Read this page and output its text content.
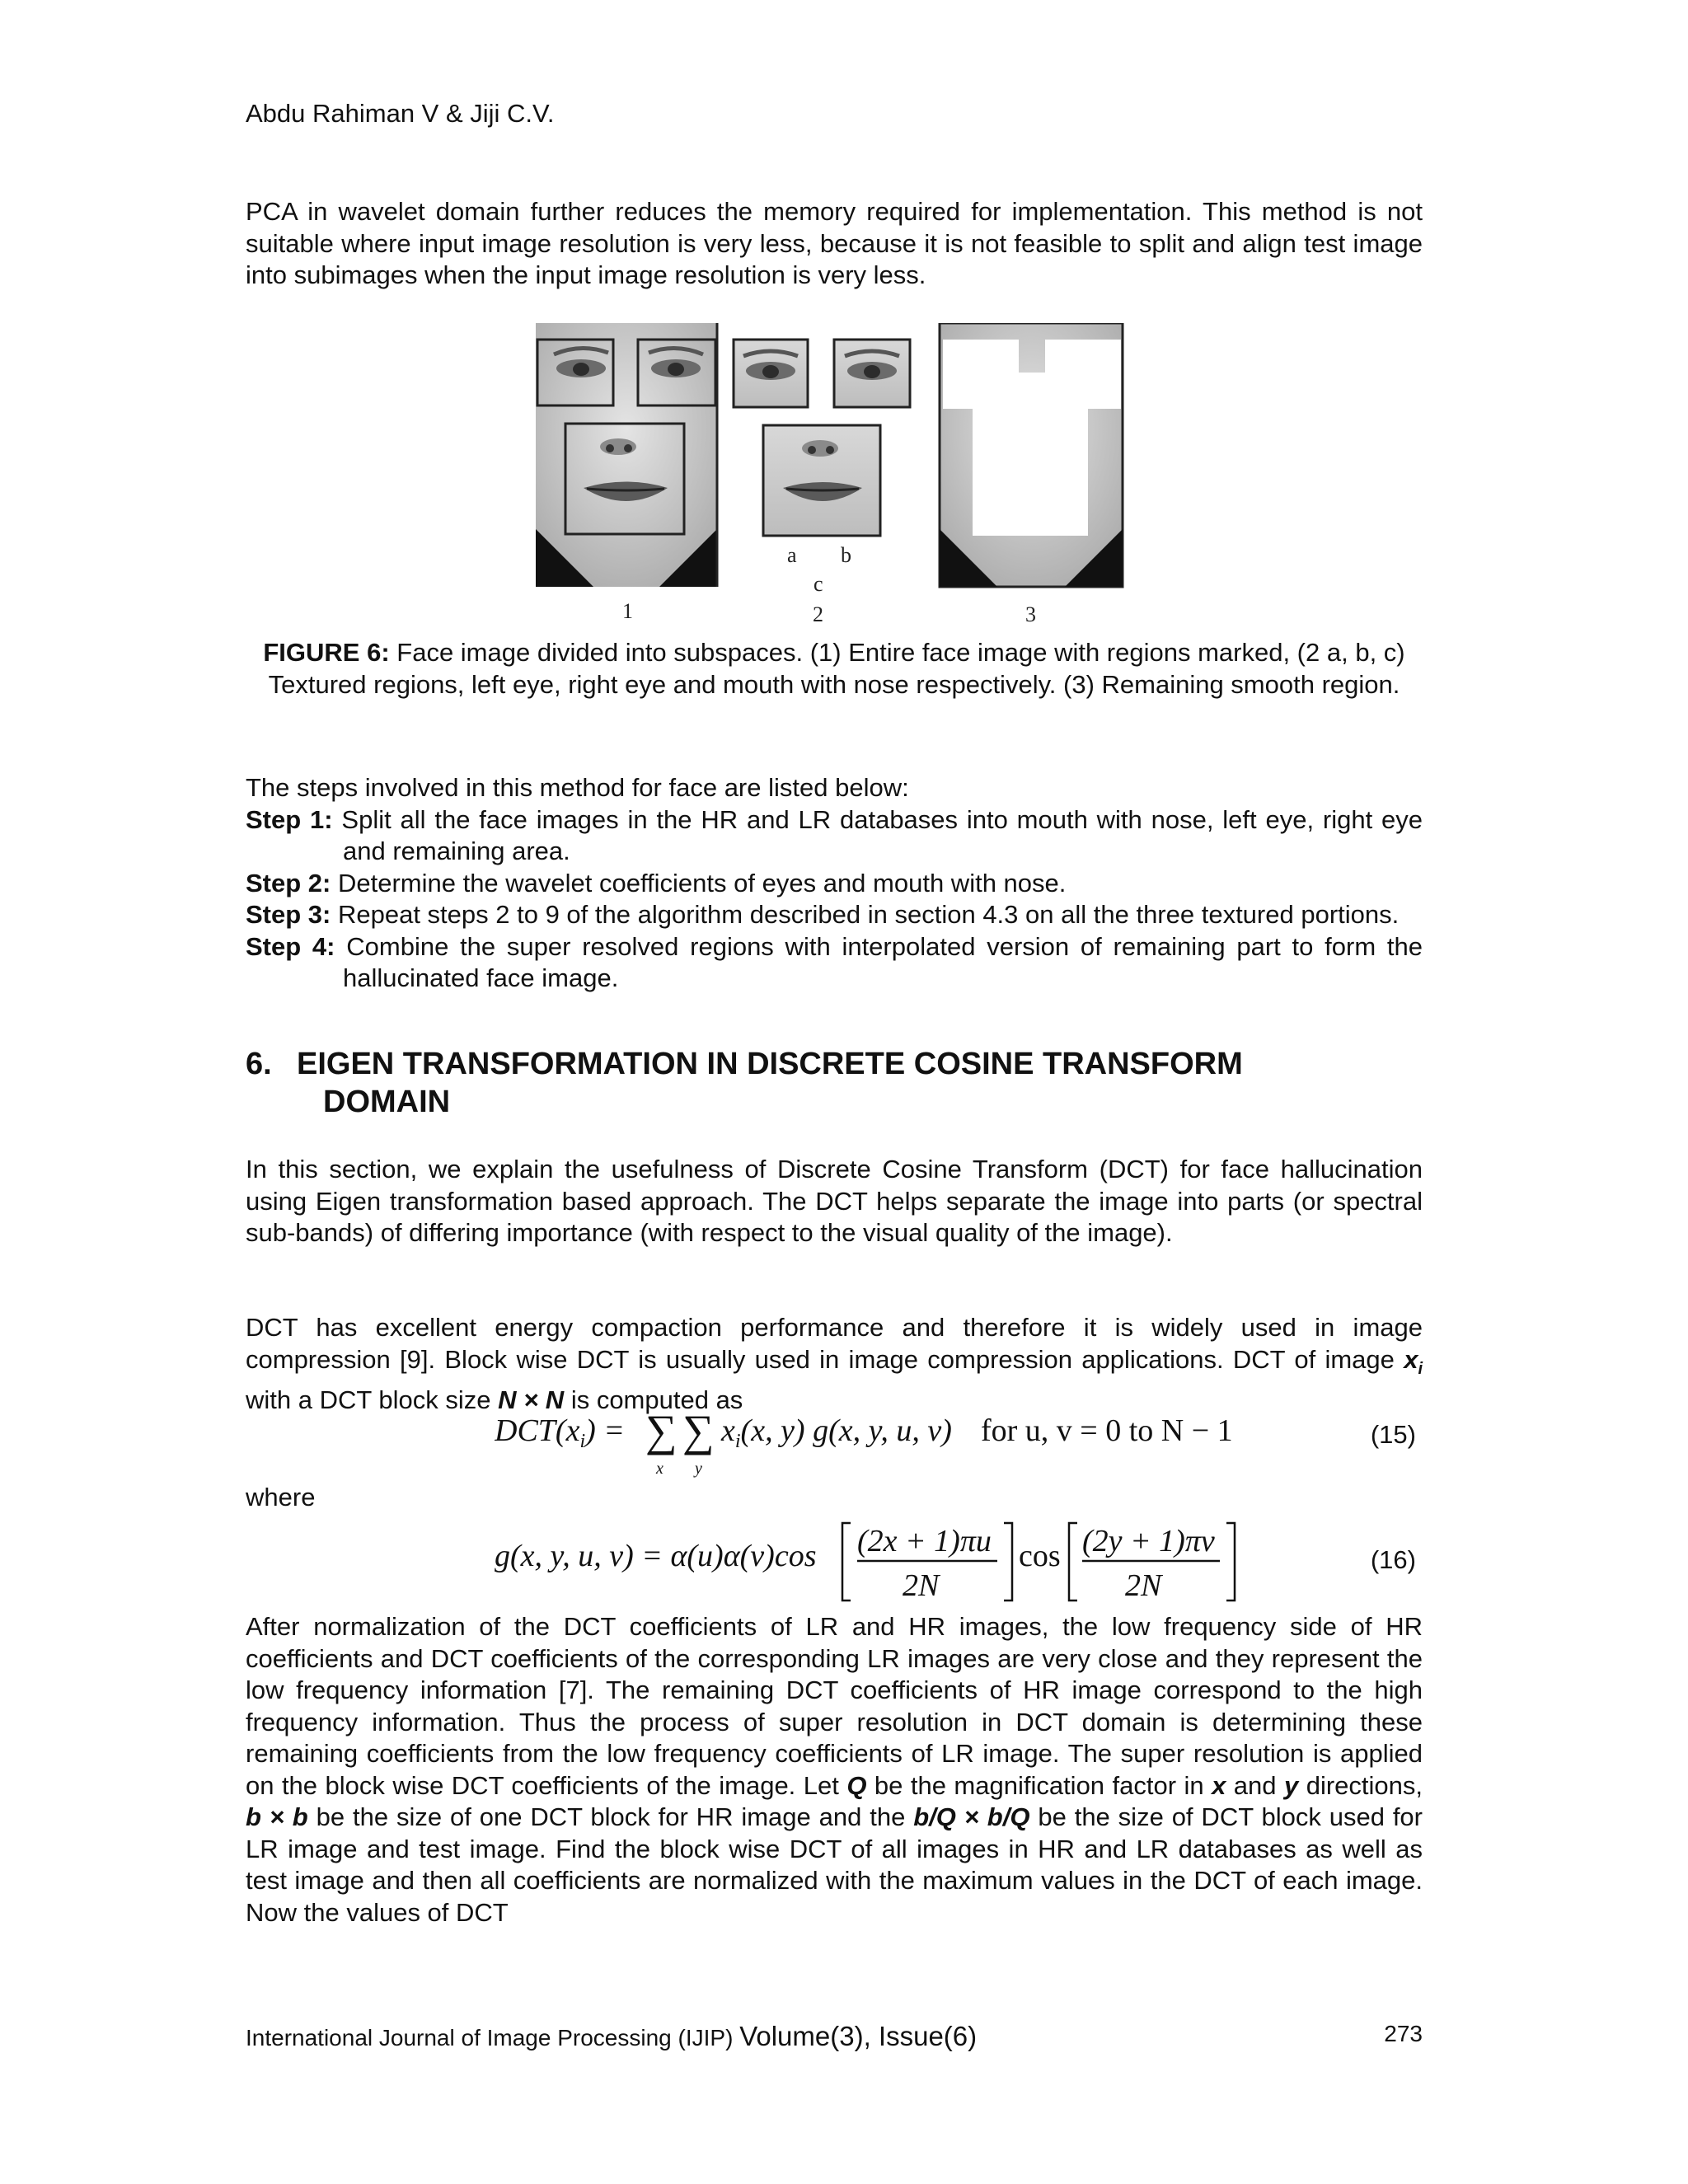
Abdu Rahiman V & Jiji C.V.

PCA in wavelet domain further reduces the memory required for implementation. This method is not suitable where input image resolution is very less, because it is not feasible to split and align test image into subimages when the input image resolution is very less.

1
a b
c
2	3

FIGURE 6: Face image divided into subspaces. (1) Entire face image with regions marked, (2 a, b, c) Textured regions, left eye, right eye and mouth with nose respectively. (3) Remaining smooth region.

The steps involved in this method for face are listed below:

Step 1: Split all the face images in the HR and LR databases into mouth with nose, left eye, right eye and remaining area.

Step 2: Determine the wavelet coefficients of eyes and mouth with nose.

Step 3: Repeat steps 2 to 9 of the algorithm described in section 4.3 on all the three textured portions.

Step 4: Combine the super resolved regions with interpolated version of remaining part to form the hallucinated face image.

6. EIGEN TRANSFORMATION IN DISCRETE COSINE TRANSFORM
DOMAIN

In this section, we explain the usefulness of Discrete Cosine Transform (DCT) for face hallucination using Eigen transformation based approach. The DCT helps separate the image into parts (or spectral sub-bands) of differing importance (with respect to the visual quality of the image).

DCT has excellent energy compaction performance and therefore it is widely used in image compression [9]. Block wise DCT is usually used in image compression applications. DCT of image $x_i$ with a DCT block size N × N is computed as

$DCT(x_i)$ = ∑ ∑
x y
$x_i(x$, y) g(x, y, u, v) for u, v = 0 to N − 1	(15)
where
g(x, y, u, v) = α(u)α(v)cos (2x + 1)πu
2N
cos (2y + 1)πv
2N
(16)

After normalization of the DCT coefficients of LR and HR images, the low frequency side of HR coefficients and DCT coefficients of the corresponding LR images are very close and they represent the low frequency information [7]. The remaining DCT coefficients of HR image correspond to the high frequency information. Thus the process of super resolution in DCT domain is determining these remaining coefficients from the low frequency coefficients of LR image. The super resolution is applied on the block wise DCT coefficients of the image. Let Q be the magnification factor in x and y directions, b × b be the size of one DCT block for HR image and the b/Q × b/Q be the size of DCT block used for LR image and test image. Find the block wise DCT of all images in HR and LR databases as well as test image and then all coefficients are normalized with the maximum values in the DCT of each image. Now the values of DCT

International Journal of Image Processing (IJIP) Volume(3), Issue(6)	273
